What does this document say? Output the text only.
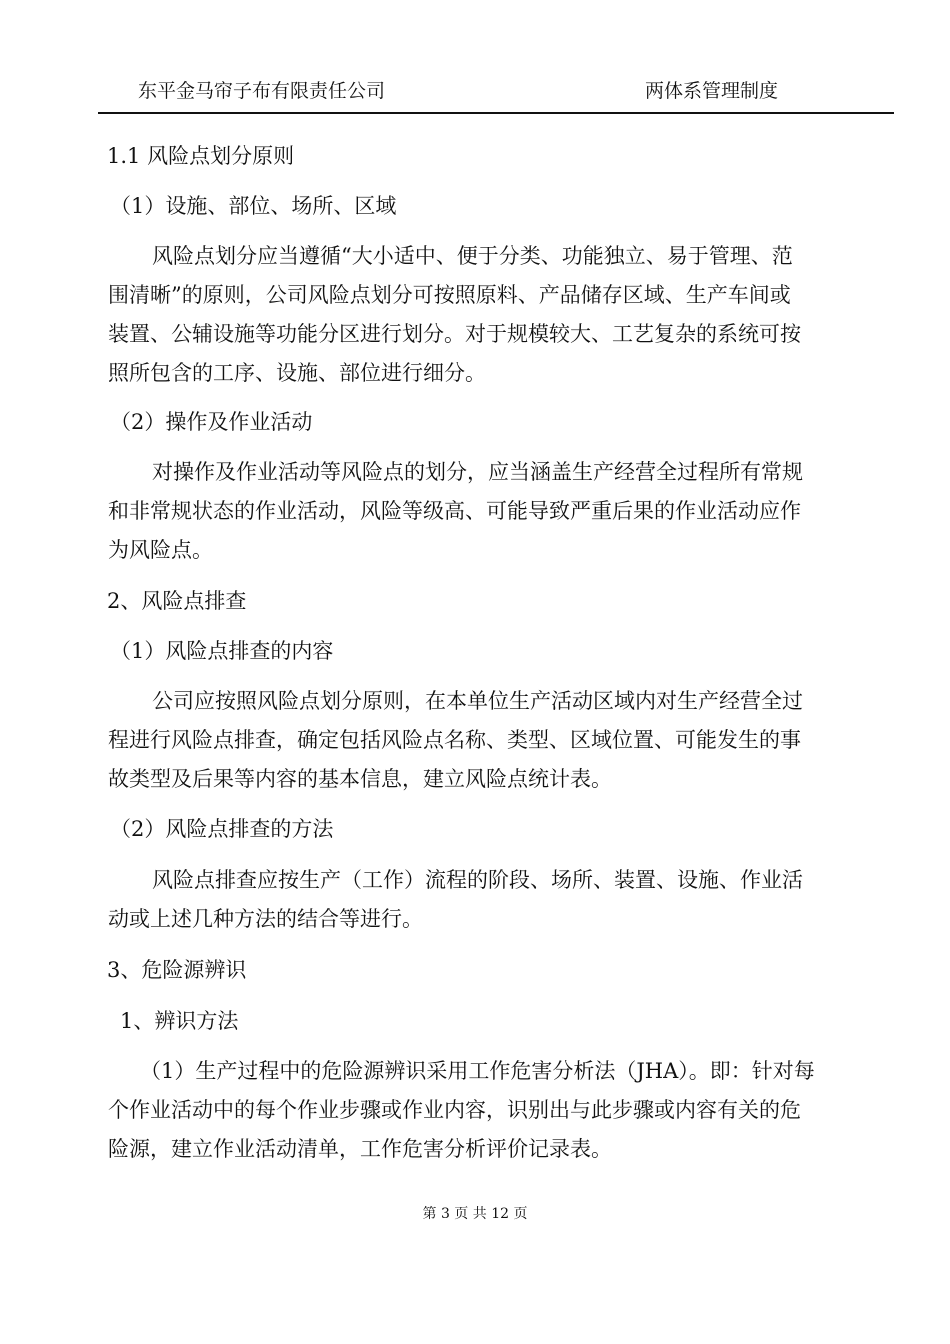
东平金马帘子布有限责任公司	两体系管理制度

1.1 风险点划分原则

（1）设施、部位、场所、区域

风险点划分应当遵循“大小适中、便于分类、功能独立、易于管理、范

围清晰”的原则，公司风险点划分可按照原料、产品储存区域、生产车间或

装置、公辅设施等功能分区进行划分。对于规模较大、工艺复杂的系统可按

照所包含的工序、设施、部位进行细分。

（2）操作及作业活动

对操作及作业活动等风险点的划分，应当涵盖生产经营全过程所有常规

和非常规状态的作业活动，风险等级高、可能导致严重后果的作业活动应作

为风险点。

2、风险点排查

（1）风险点排查的内容

公司应按照风险点划分原则，在本单位生产活动区域内对生产经营全过

程进行风险点排查，确定包括风险点名称、类型、区域位置、可能发生的事

故类型及后果等内容的基本信息，建立风险点统计表。

（2）风险点排查的方法

风险点排查应按生产（工作）流程的阶段、场所、装置、设施、作业活

动或上述几种方法的结合等进行。

3、危险源辨识

1、辨识方法

（1）生产过程中的危险源辨识采用工作危害分析法（JHA）。即：针对每

个作业活动中的每个作业步骤或作业内容，识别出与此步骤或内容有关的危

险源，建立作业活动清单，工作危害分析评价记录表。

第 3 页 共 12 页
